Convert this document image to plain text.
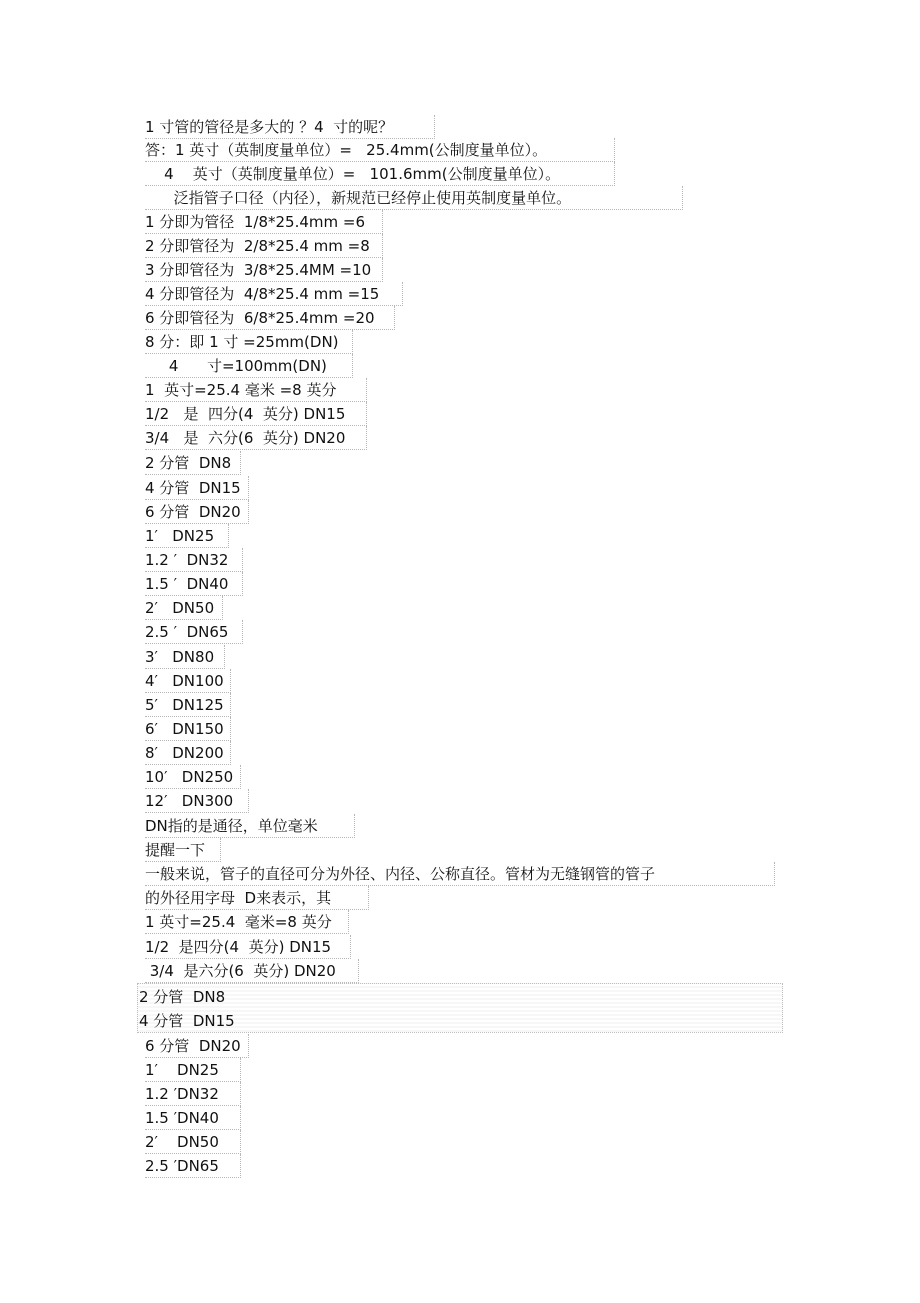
1 寸管的管径是多大的 ？4  寸的呢？
答：1 英寸（英制度量单位）=   25.4mm(公制度量单位）。
4    英寸（英制度量单位）=   101.6mm(公制度量单位）。
泛指管子口径（内径），新规范已经停止使用英制度量单位。
1 分即为管径  1/8*25.4mm =6
2 分即管径为  2/8*25.4 mm =8
3 分即管径为  3/8*25.4MM =10
4 分即管径为  4/8*25.4 mm =15
6 分即管径为  6/8*25.4mm =20
8 分：即 1 寸 =25mm(DN)
4      寸=100mm(DN)
1  英寸=25.4 毫米 =8 英分
1/2   是  四分(4  英分) DN15
3/4   是  六分(6  英分) DN20
2 分管  DN8
4 分管  DN15
6 分管  DN20
1′   DN25
1.2 ′  DN32
1.5 ′  DN40
2′   DN50
2.5 ′  DN65
3′   DN80
4′   DN100
5′   DN125
6′   DN150
8′   DN200
10′   DN250
12′   DN300
DN指的是通径，单位毫米
提醒一下
一般来说，管子的直径可分为外径、内径、公称直径。管材为无缝钢管的管子
的外径用字母  D来表示，其
1 英寸=25.4  毫米=8 英分
1/2  是四分(4  英分) DN15
3/4  是六分(6  英分) DN20
2 分管  DN8
4 分管  DN15
6 分管  DN20
1′    DN25
1.2 ′DN32
1.5 ′DN40
2′    DN50
2.5 ′DN65
